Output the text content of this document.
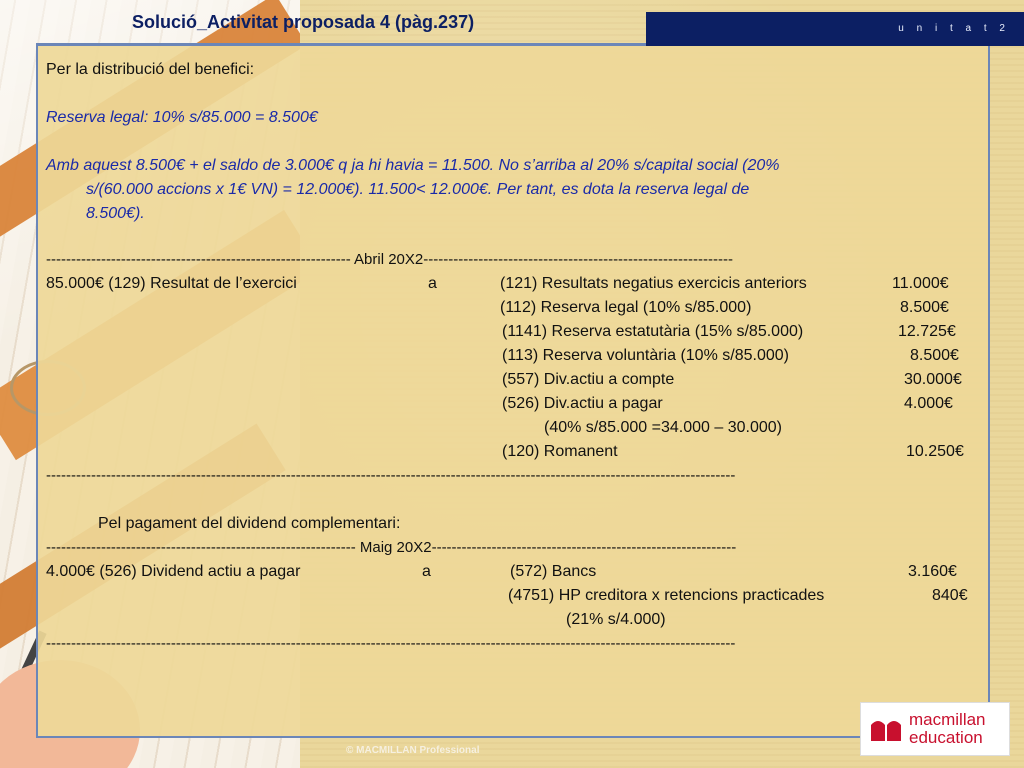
u n i t a t 2
Solució_Activitat proposada 4 (pàg.237)
Per la distribució del benefici:
Reserva legal: 10% s/85.000 = 8.500€
Amb aquest 8.500€ + el saldo de 3.000€ q ja hi havia = 11.500. No s’arriba al 20% s/capital social (20%
s/(60.000 accions x 1€ VN) = 12.000€). 11.500< 12.000€. Per tant, es dota la reserva legal de
8.500€).
------------------------------------------------------------- Abril 20X2--------------------------------------------------------------
85.000€ (129) Resultat de l’exercici	a	(121) Resultats negatius exercicis anteriors	11.000€
(112) Reserva legal (10% s/85.000)	8.500€
(1141) Reserva estatutària (15% s/85.000)	12.725€
(113) Reserva voluntària (10% s/85.000)	8.500€
(557) Div.actiu a compte	30.000€
(526) Div.actiu a pagar	4.000€
(40% s/85.000 =34.000 – 30.000)
(120) Romanent	10.250€
------------------------------------------------------------------------------------------------------------------------------------------
Pel pagament del dividend complementari:
-------------------------------------------------------------- Maig 20X2-------------------------------------------------------------
4.000€ (526) Dividend actiu a pagar	a	(572) Bancs	3.160€
(4751) HP creditora x retencions practicades	840€
(21% s/4.000)
------------------------------------------------------------------------------------------------------------------------------------------
macmillan
education
© MACMILLAN Professional
